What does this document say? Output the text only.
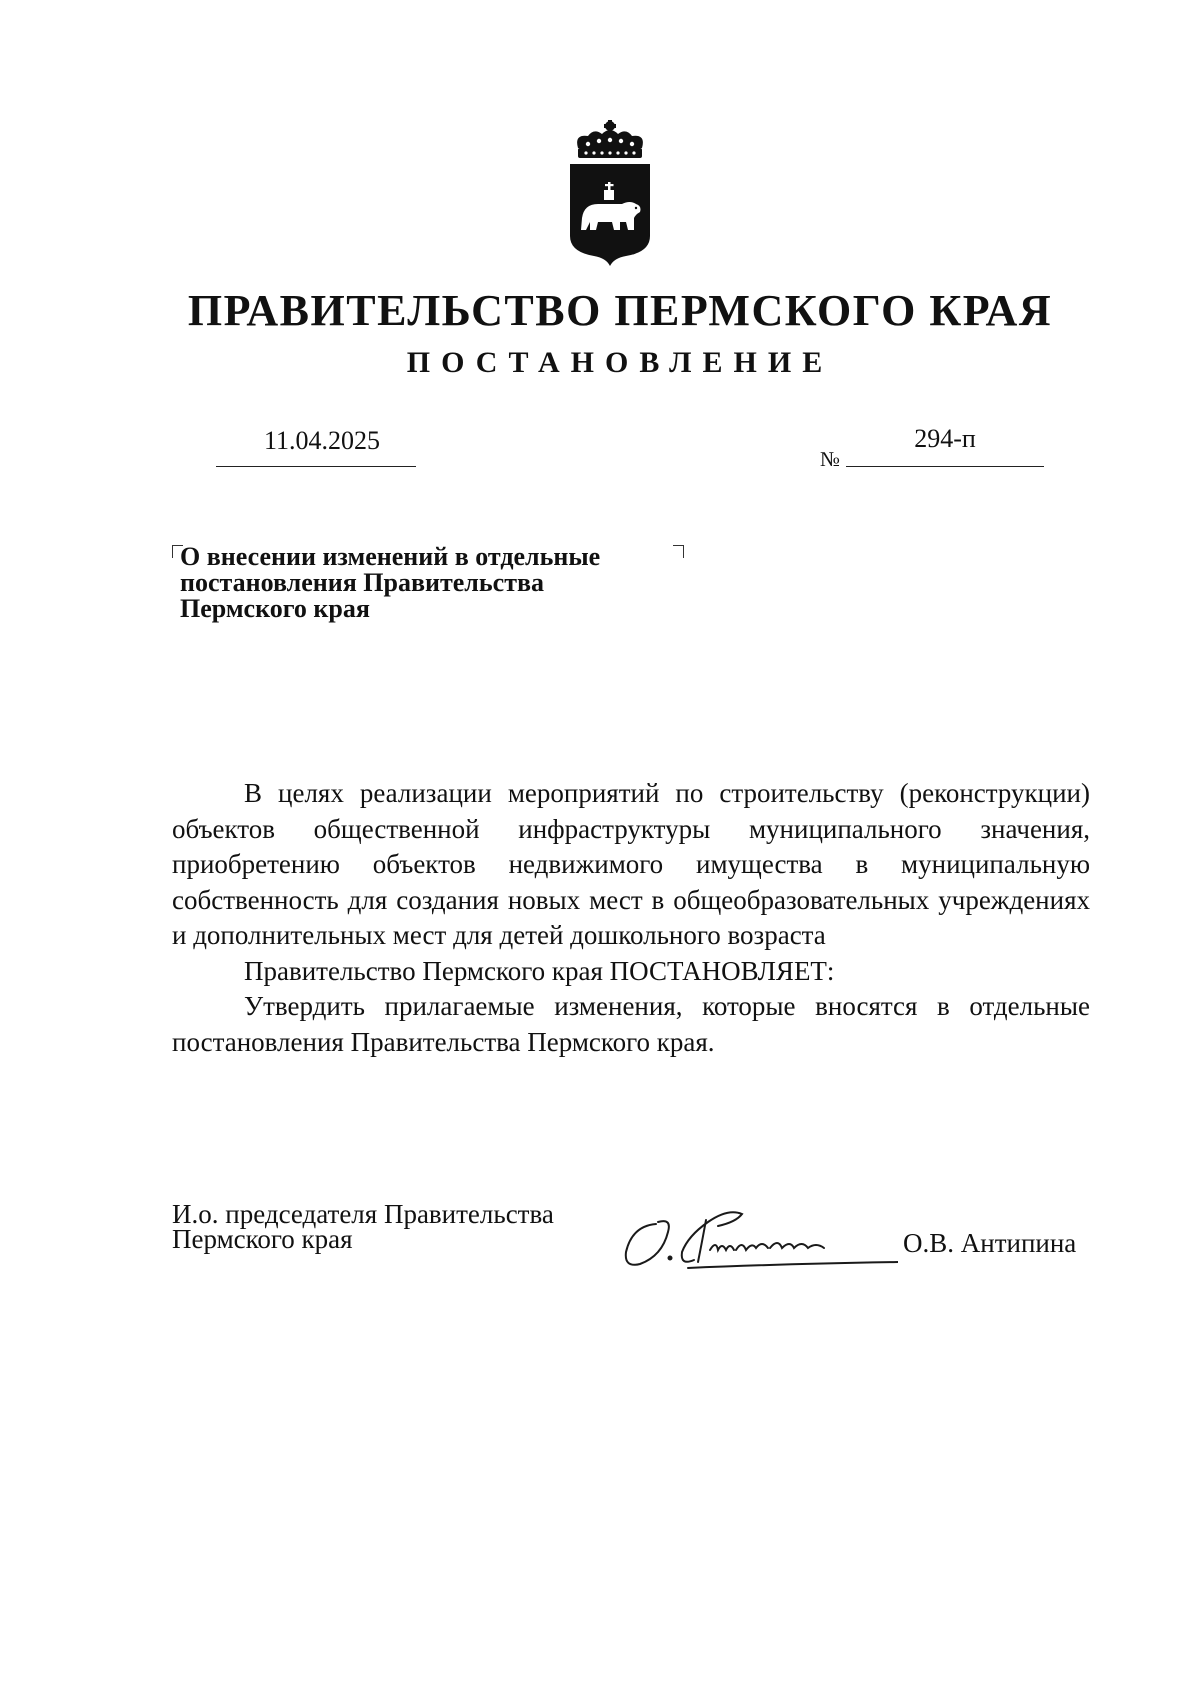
ПРАВИТЕЛЬСТВО ПЕРМСКОГО КРАЯ
ПОСТАНОВЛЕНИЕ
11.04.2025
№
294-п
О внесении изменений в отдельные
постановления Правительства
Пермского края

В целях реализации мероприятий по строительству (реконструкции) объектов общественной инфраструктуры муниципального значения, приобретению объектов недвижимого имущества в муниципальную собственность для создания новых мест в общеобразовательных учреждениях и дополнительных мест для детей дошкольного возраста

Правительство Пермского края ПОСТАНОВЛЯЕТ:

Утвердить прилагаемые изменения, которые вносятся в отдельные постановления Правительства Пермского края.

И.о. председателя Правительства
Пермского края	О.В. Антипина
